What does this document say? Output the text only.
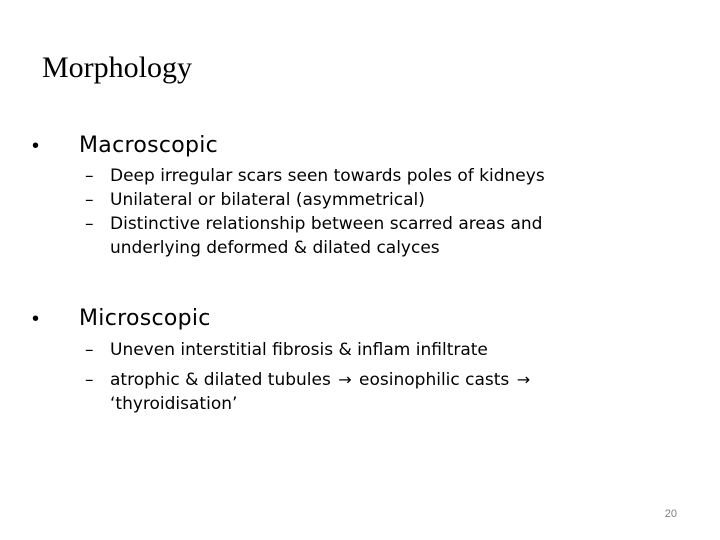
Morphology
• Macroscopic
– Deep irregular scars seen towards poles of kidneys
– Unilateral or bilateral (asymmetrical)
– Distinctive relationship between scarred areas and underlying deformed & dilated calyces
• Microscopic
– Uneven interstitial fibrosis & inflam infiltrate
– atrophic & dilated tubules → eosinophilic casts → ‘thyroidisation’
20
